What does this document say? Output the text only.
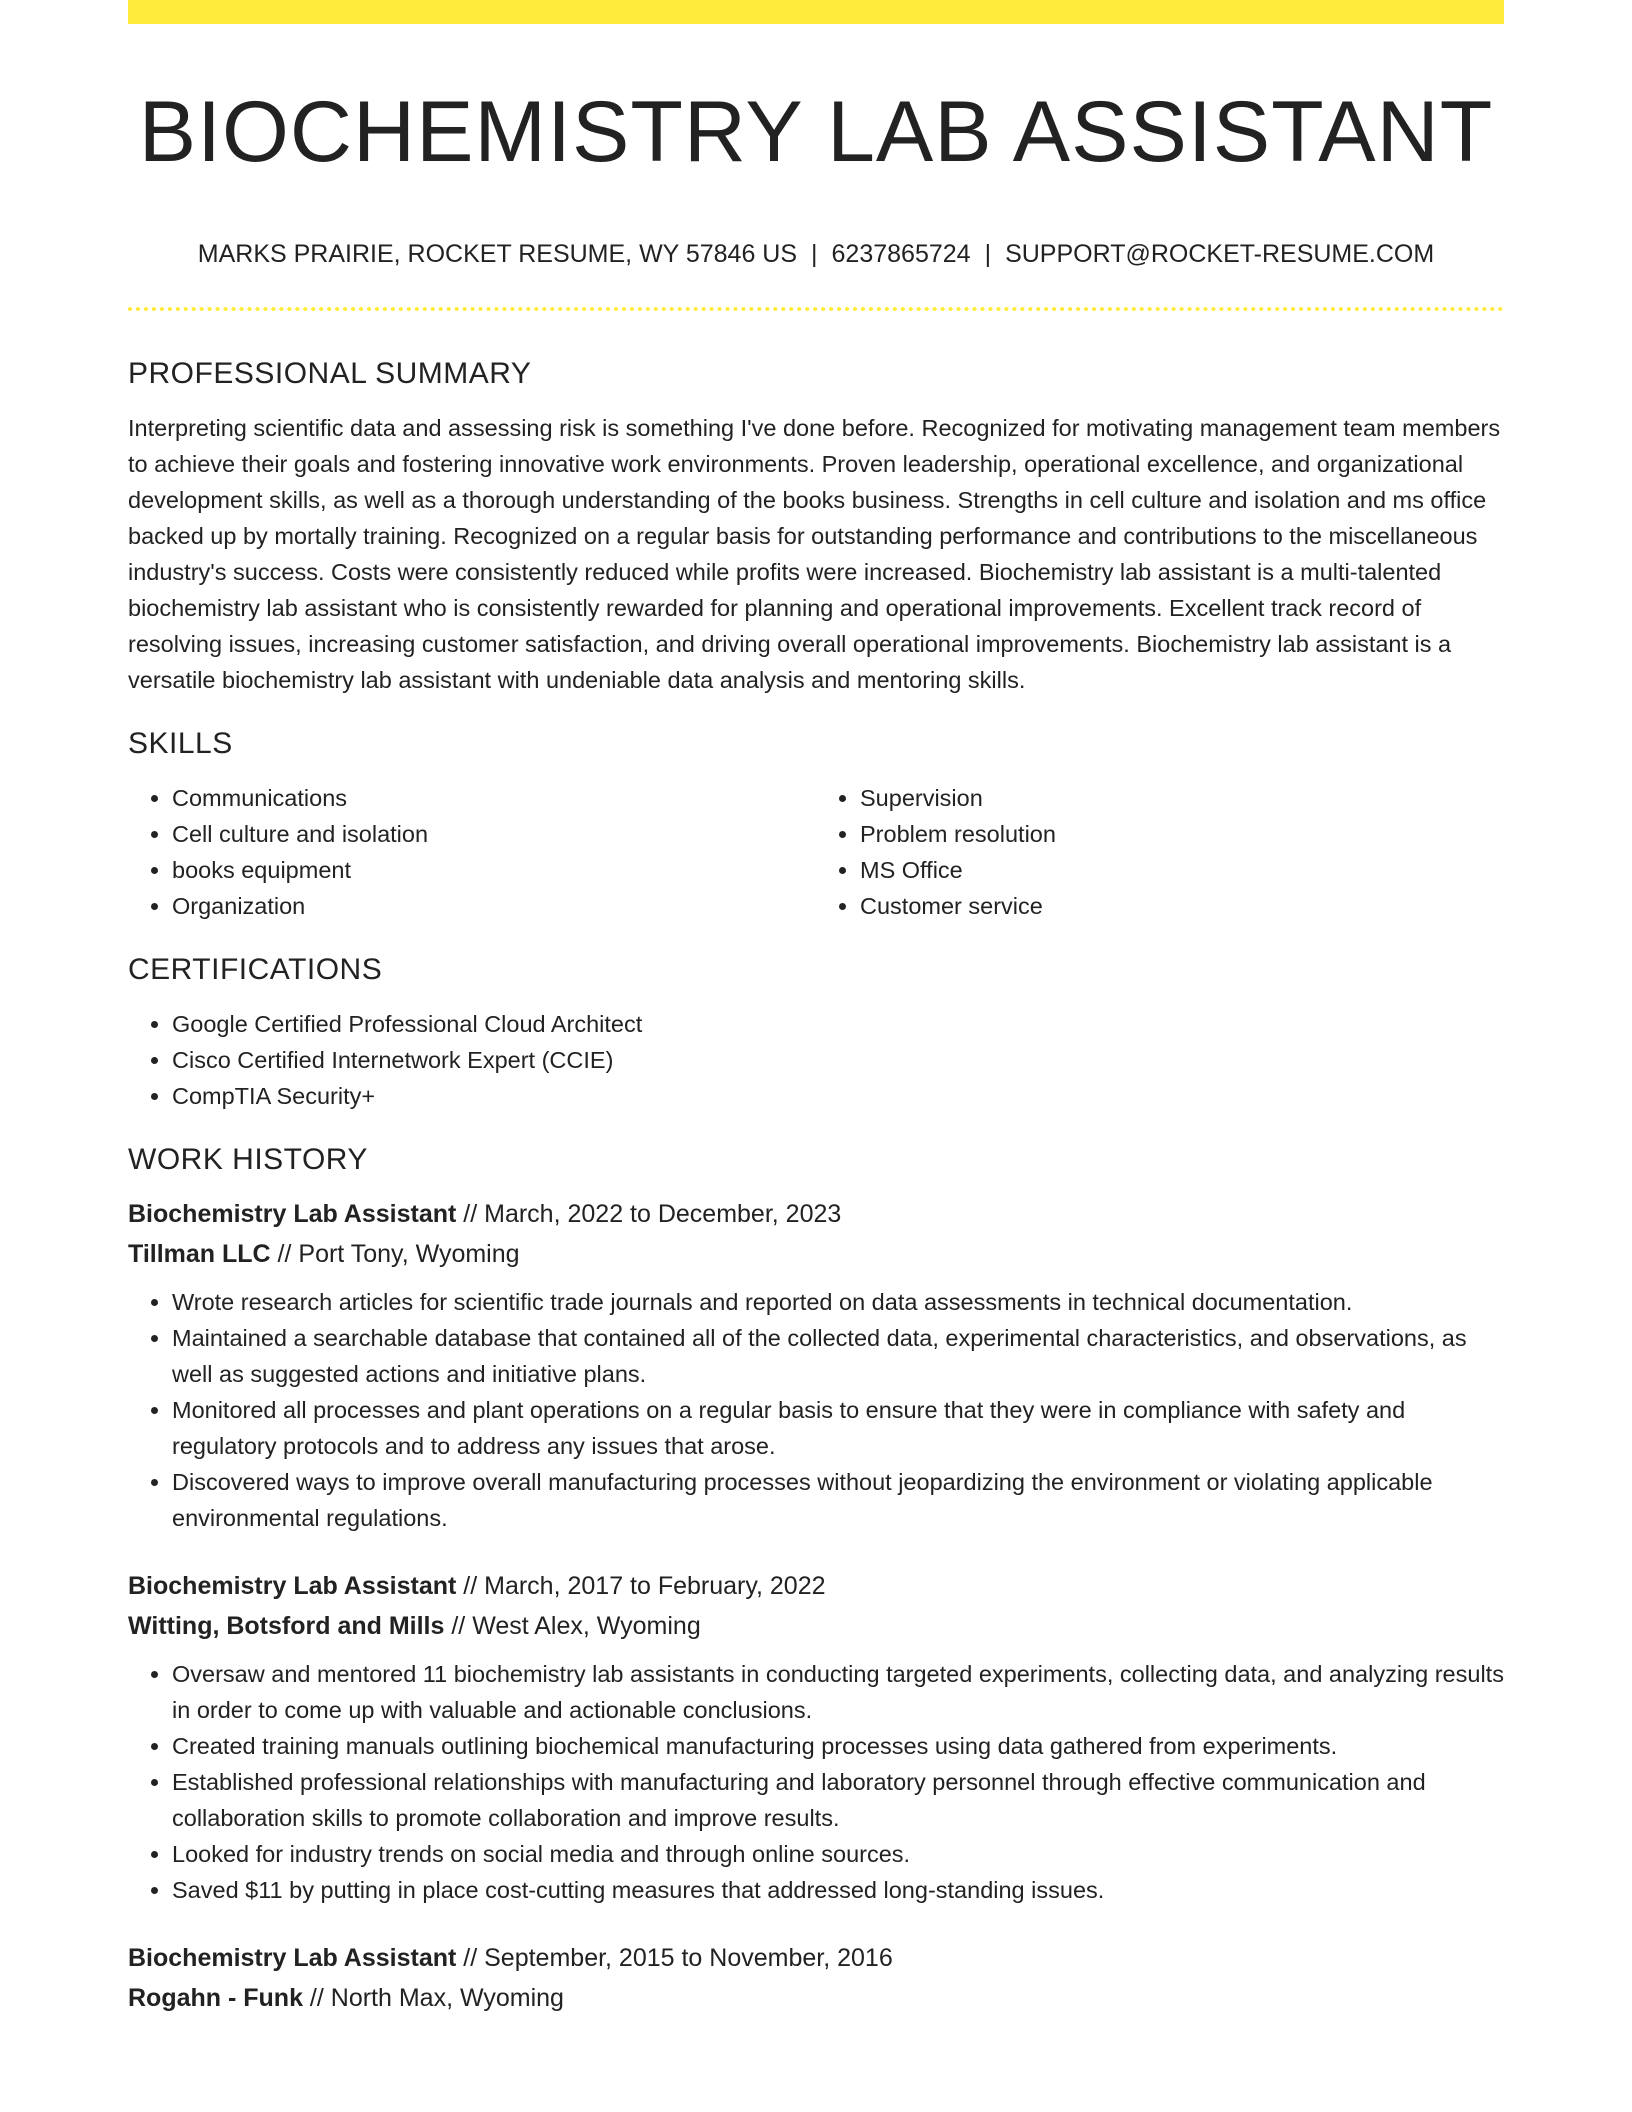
BIOCHEMISTRY LAB ASSISTANT
MARKS PRAIRIE, ROCKET RESUME, WY 57846 US | 6237865724 | SUPPORT@ROCKET-RESUME.COM
PROFESSIONAL SUMMARY

Interpreting scientific data and assessing risk is something I've done before. Recognized for motivating management team members to achieve their goals and fostering innovative work environments. Proven leadership, operational excellence, and organizational development skills, as well as a thorough understanding of the books business. Strengths in cell culture and isolation and ms office backed up by mortally training. Recognized on a regular basis for outstanding performance and contributions to the miscellaneous industry's success. Costs were consistently reduced while profits were increased. Biochemistry lab assistant is a multi-talented biochemistry lab assistant who is consistently rewarded for planning and operational improvements. Excellent track record of resolving issues, increasing customer satisfaction, and driving overall operational improvements. Biochemistry lab assistant is a versatile biochemistry lab assistant with undeniable data analysis and mentoring skills.

SKILLS
• Communications
• Cell culture and isolation
• books equipment
• Organization
• Supervision
• Problem resolution
• MS Office
• Customer service
CERTIFICATIONS
• Google Certified Professional Cloud Architect
• Cisco Certified Internetwork Expert (CCIE)
• CompTIA Security+
WORK HISTORY
Biochemistry Lab Assistant // March, 2022 to December, 2023
Tillman LLC // Port Tony, Wyoming
• Wrote research articles for scientific trade journals and reported on data assessments in technical documentation.
• Maintained a searchable database that contained all of the collected data, experimental characteristics, and observations, as well as suggested actions and initiative plans.
• Monitored all processes and plant operations on a regular basis to ensure that they were in compliance with safety and regulatory protocols and to address any issues that arose.
• Discovered ways to improve overall manufacturing processes without jeopardizing the environment or violating applicable environmental regulations.
Biochemistry Lab Assistant // March, 2017 to February, 2022
Witting, Botsford and Mills // West Alex, Wyoming
• Oversaw and mentored 11 biochemistry lab assistants in conducting targeted experiments, collecting data, and analyzing results in order to come up with valuable and actionable conclusions.
• Created training manuals outlining biochemical manufacturing processes using data gathered from experiments.
• Established professional relationships with manufacturing and laboratory personnel through effective communication and collaboration skills to promote collaboration and improve results.
• Looked for industry trends on social media and through online sources.
• Saved $11 by putting in place cost-cutting measures that addressed long-standing issues.
Biochemistry Lab Assistant // September, 2015 to November, 2016
Rogahn - Funk // North Max, Wyoming
